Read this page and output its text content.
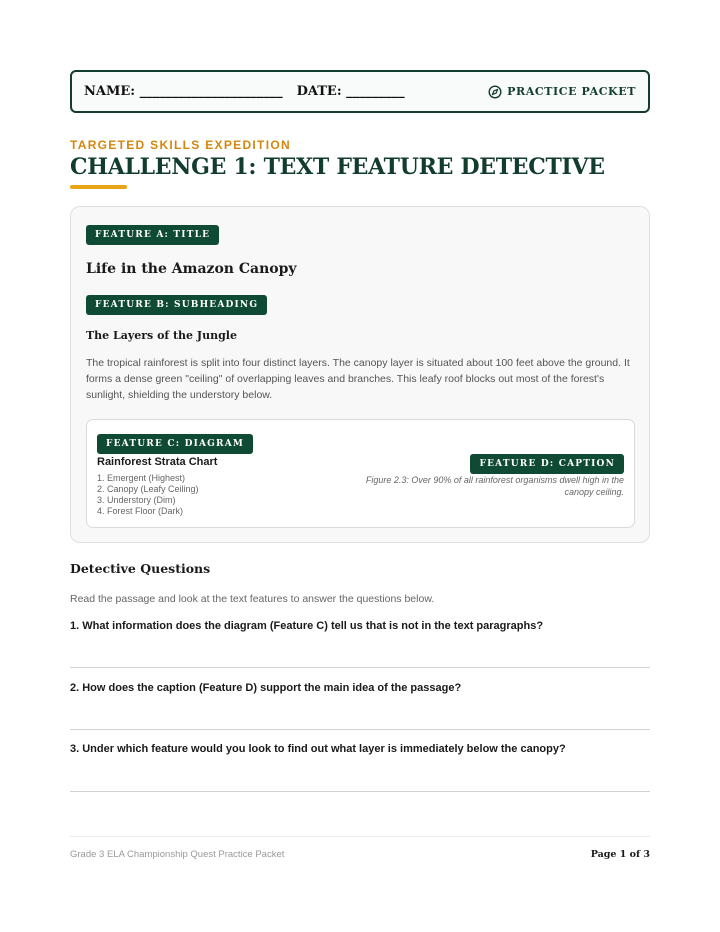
NAME: ______________________ DATE: _________	PRACTICE PACKET
TARGETED SKILLS EXPEDITION
CHALLENGE 1: TEXT FEATURE DETECTIVE
FEATURE A: TITLE
Life in the Amazon Canopy
FEATURE B: SUBHEADING
The Layers of the Jungle

The tropical rainforest is split into four distinct layers. The canopy layer is situated about 100 feet above the ground. It forms a dense green "ceiling" of overlapping leaves and branches. This leafy roof blocks out most of the forest's sunlight, shielding the understory below.

FEATURE C: DIAGRAM
Rainforest Strata Chart
1. Emergent (Highest)
2. Canopy (Leafy Ceiling)
3. Understory (Dim)
4. Forest Floor (Dark)
FEATURE D: CAPTION
Figure 2.3: Over 90% of all rainforest organisms dwell high in the canopy ceiling.
Detective Questions

Read the passage and look at the text features to answer the questions below.

1. What information does the diagram (Feature C) tell us that is not in the text paragraphs?
2. How does the caption (Feature D) support the main idea of the passage?
3. Under which feature would you look to find out what layer is immediately below the canopy?
Grade 3 ELA Championship Quest Practice Packet	Page 1 of 3
